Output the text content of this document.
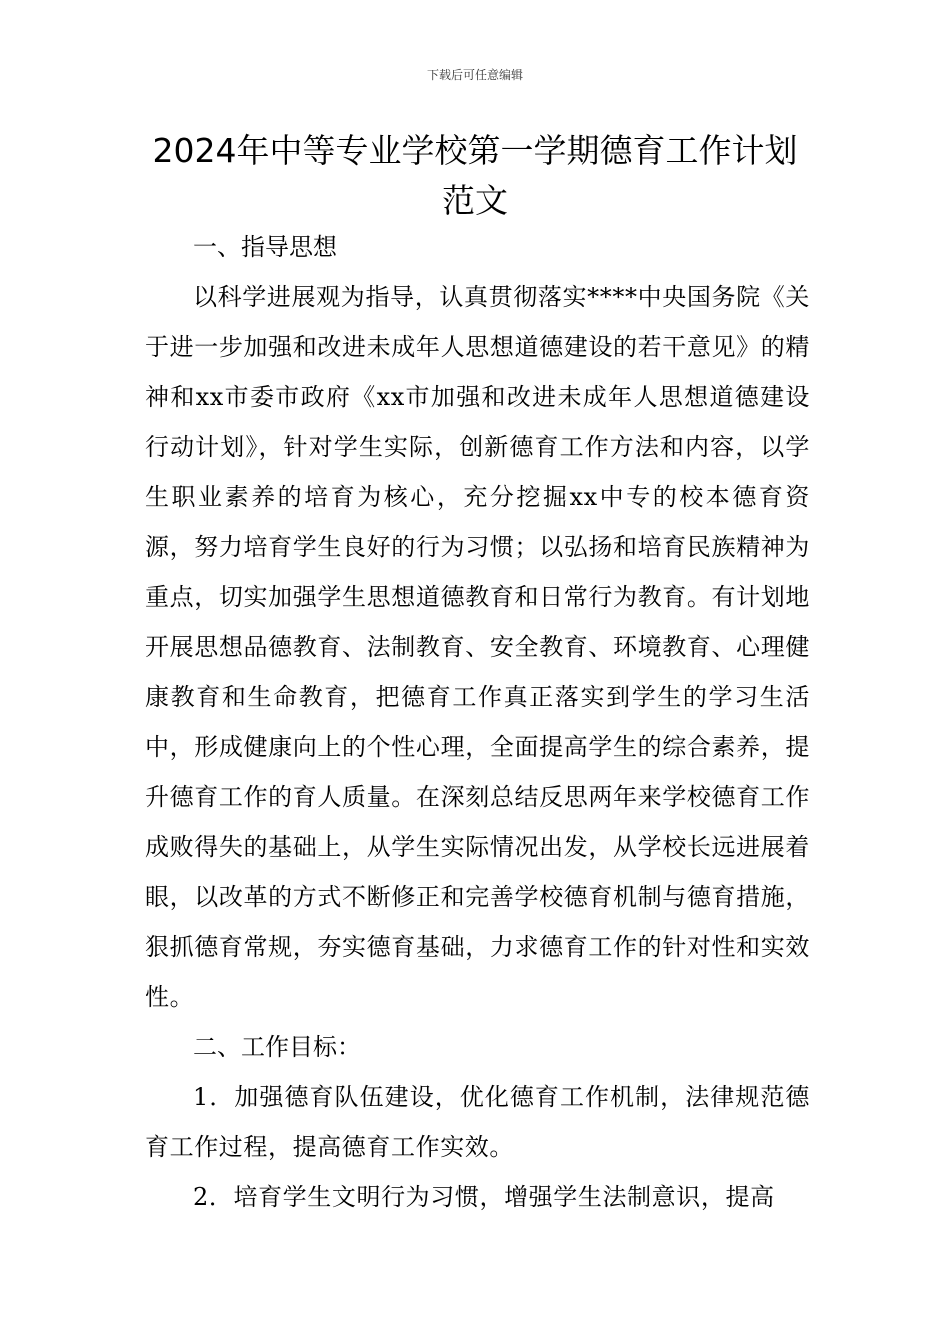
下载后可任意编辑
2024年中等专业学校第一学期德育工作计划范文

一、指导思想

以科学进展观为指导，认真贯彻落实****中央国务院《关于进一步加强和改进未成年人思想道德建设的若干意见》的精神和xx市委市政府《xx市加强和改进未成年人思想道德建设行动计划》，针对学生实际，创新德育工作方法和内容，以学生职业素养的培育为核心，充分挖掘xx中专的校本德育资源，努力培育学生良好的行为习惯；以弘扬和培育民族精神为重点，切实加强学生思想道德教育和日常行为教育。有计划地开展思想品德教育、法制教育、安全教育、环境教育、心理健康教育和生命教育，把德育工作真正落实到学生的学习生活中，形成健康向上的个性心理，全面提高学生的综合素养，提升德育工作的育人质量。在深刻总结反思两年来学校德育工作成败得失的基础上，从学生实际情况出发，从学校长远进展着眼，以改革的方式不断修正和完善学校德育机制与德育措施，狠抓德育常规，夯实德育基础，力求德育工作的针对性和实效性。

二、工作目标：

1．加强德育队伍建设，优化德育工作机制，法律规范德育工作过程，提高德育工作实效。

2．培育学生文明行为习惯，增强学生法制意识，提高
